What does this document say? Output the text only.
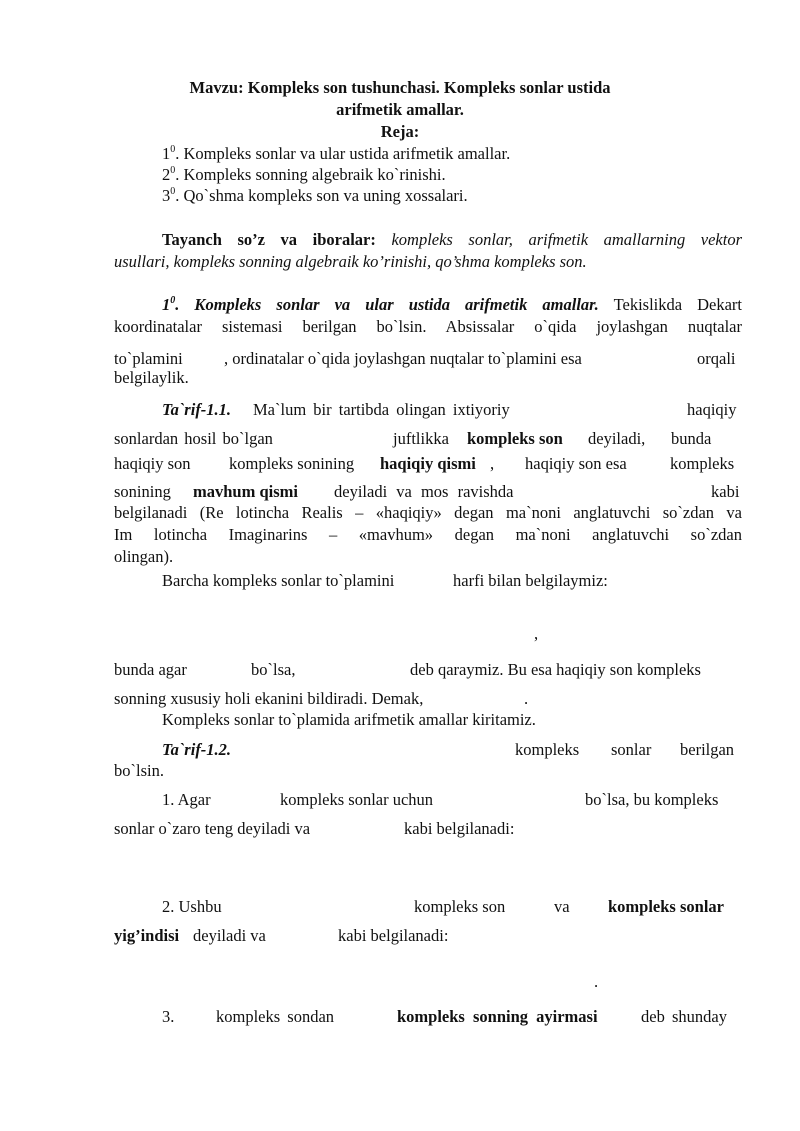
Mavzu: Kompleks son tushunchasi. Kompleks sonlar ustida
arifmetik amallar.
Reja:
$1^0$. Kompleks sonlar va ular ustida arifmetik amallar.
$2^0$. Kompleks sonning algebraik ko`rinishi.
$3^0$. Qo`shma kompleks son va uning xossalari.
Tayanch so’z va iboralar: kompleks sonlar, arifmetik amallarning vektor
usullari, kompleks sonning algebraik ko’rinishi, qo’shma kompleks son.
$1^0$. Kompleks sonlar va ular ustida arifmetik amallar. Tekislikda Dekart
koordinatalar sistemasi berilgan bo`lsin. Absissalar o`qida joylashgan nuqtalar
to`plamini	, ordinatalar o`qida joylashgan nuqtalar to`plamini esa	orqali
belgilaylik.
Ta`rif-1.1. Ma`lum bir tartibda olingan ixtiyoriy	haqiqiy
sonlardan hosil bo`lgan	juftlikka kompleks son deyiladi, bunda
haqiqiy son kompleks sonining haqiqiy qismi , haqiqiy son esa	kompleks
sonining mavhum qismi deyiladi va mos ravishda	kabi
belgilanadi (Re lotincha Realis – «haqiqiy» degan ma`noni anglatuvchi so`zdan va
Im lotincha Imaginarins – «mavhum» degan ma`noni anglatuvchi so`zdan
olingan).
Barcha kompleks sonlar to`plamini	harfi bilan belgilaymiz:
,
bunda agar	bo`lsa,	deb qaraymiz. Bu esa haqiqiy son kompleks
sonning xususiy holi ekanini bildiradi. Demak,	.
Kompleks sonlar to`plamida arifmetik amallar kiritamiz.
Ta`rif-1.2.	kompleks sonlar berilgan
bo`lsin.
1. Agar	kompleks sonlar uchun	bo`lsa, bu kompleks
sonlar o`zaro teng deyiladi va	kabi belgilanadi:
2. Ushbu	kompleks son	va kompleks sonlar
yig’indisi deyiladi va	kabi belgilanadi:
.
3.	kompleks sondan	kompleks sonning ayirmasi	deb shunday
